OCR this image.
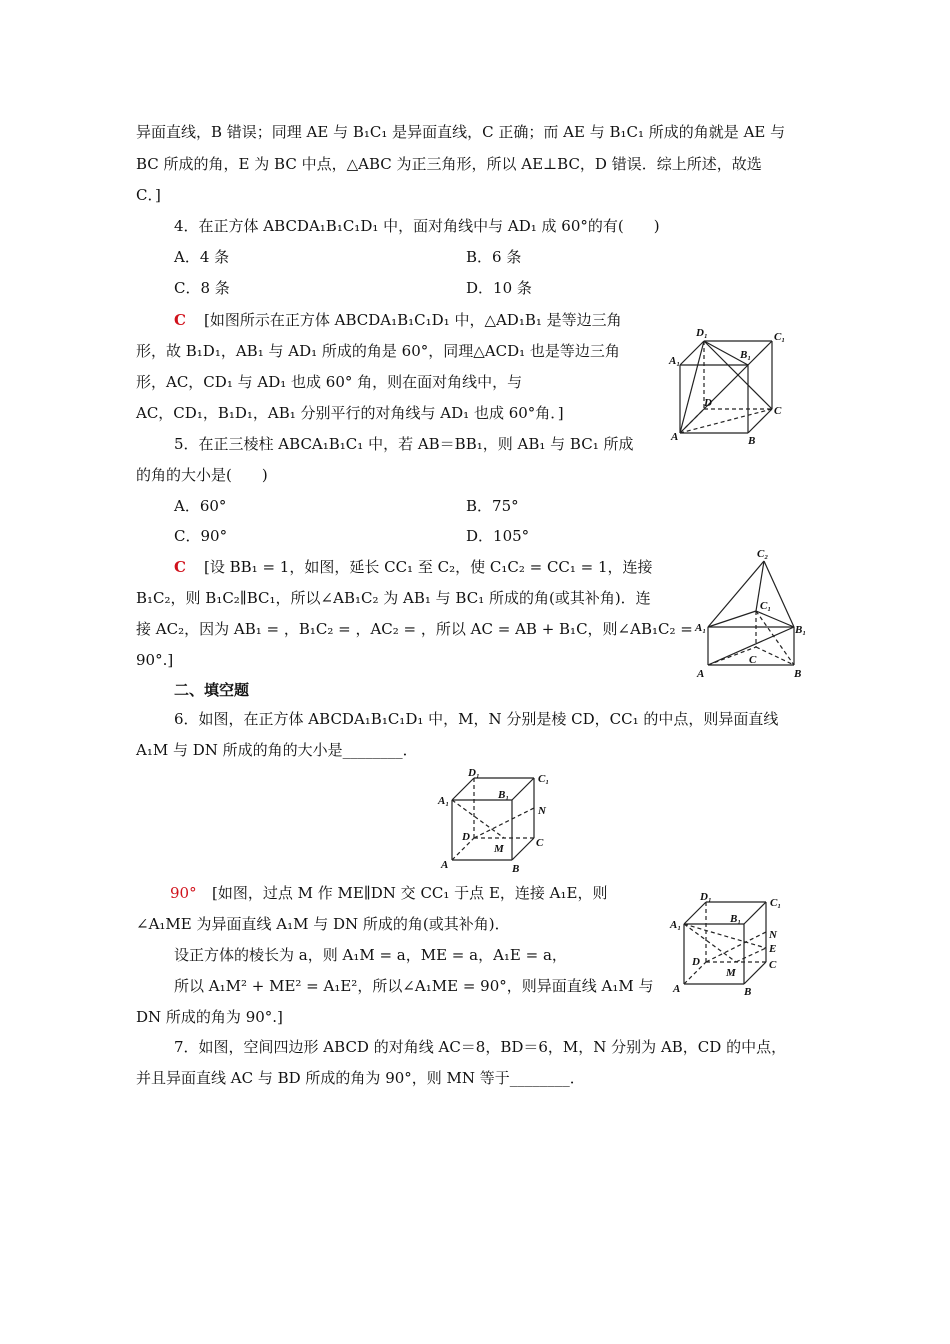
异面直线，B 错误；同理 AE 与 B₁C₁ 是异面直线，C 正确；而 AE 与 B₁C₁ 所成的角就是 AE 与
BC 所成的角，E 为 BC 中点，△ABC 为正三角形，所以 AE⊥BC，D 错误．综上所述，故选
C．]
4．在正方体 ABCDA₁B₁C₁D₁ 中，面对角线中与 AD₁ 成 60°的有(　　)
A．4 条	B．6 条
C．8 条	D．10 条
C [如图所示在正方体 ABCDA₁B₁C₁D₁ 中，△AD₁B₁ 是等边三角
形，故 B₁D₁，AB₁ 与 AD₁ 所成的角是 60°，同理△ACD₁ 也是等边三角
形，AC，CD₁ 与 AD₁ 也成 60° 角，则在面对角线中，与
AC，CD₁，B₁D₁，AB₁ 分别平行的对角线与 AD₁ 也成 60°角．]
5．在正三棱柱 ABCA₁B₁C₁ 中，若 AB＝BB₁，则 AB₁ 与 BC₁ 所成
的角的大小是(　　)
A．60°	B．75°
C．90°	D．105°
C [设 BB₁ = 1，如图，延长 CC₁ 至 C₂，使 C₁C₂ = CC₁ = 1，连接
B₁C₂，则 B₁C₂∥BC₁，所以∠AB₁C₂ 为 AB₁ 与 BC₁ 所成的角(或其补角)．连
接 AC₂，因为 AB₁ = ，B₁C₂ = ，AC₂ = ，所以 AC = AB + B₁C，则∠AB₁C₂ =
90°.]
二、填空题
6．如图，在正方体 ABCDA₁B₁C₁D₁ 中，M，N 分别是棱 CD，CC₁ 的中点，则异面直线
A₁M 与 DN 所成的角的大小是________．
90° [如图，过点 M 作 ME∥DN 交 CC₁ 于点 E，连接 A₁E，则
∠A₁ME 为异面直线 A₁M 与 DN 所成的角(或其补角)．
设正方体的棱长为 a，则 A₁M = a，ME = a，A₁E = a，
所以 A₁M² + ME² = A₁E²，所以∠A₁ME = 90°，则异面直线 A₁M 与
DN 所成的角为 90°.]
7．如图，空间四边形 ABCD 的对角线 AC＝8，BD＝6，M，N 分别为 AB，CD 的中点，
并且异面直线 AC 与 BD 所成的角为 90°，则 MN 等于________．
D₁	C₁
A₁	B₁
D
C
A	B
C₂
C₁
A₁	B₁
C
A	B
D₁	C₁
A₁	B₁
N
D	C
M
A	B
D₁	C₁
A₁	B₁
N
E
D	C
M
A	B
